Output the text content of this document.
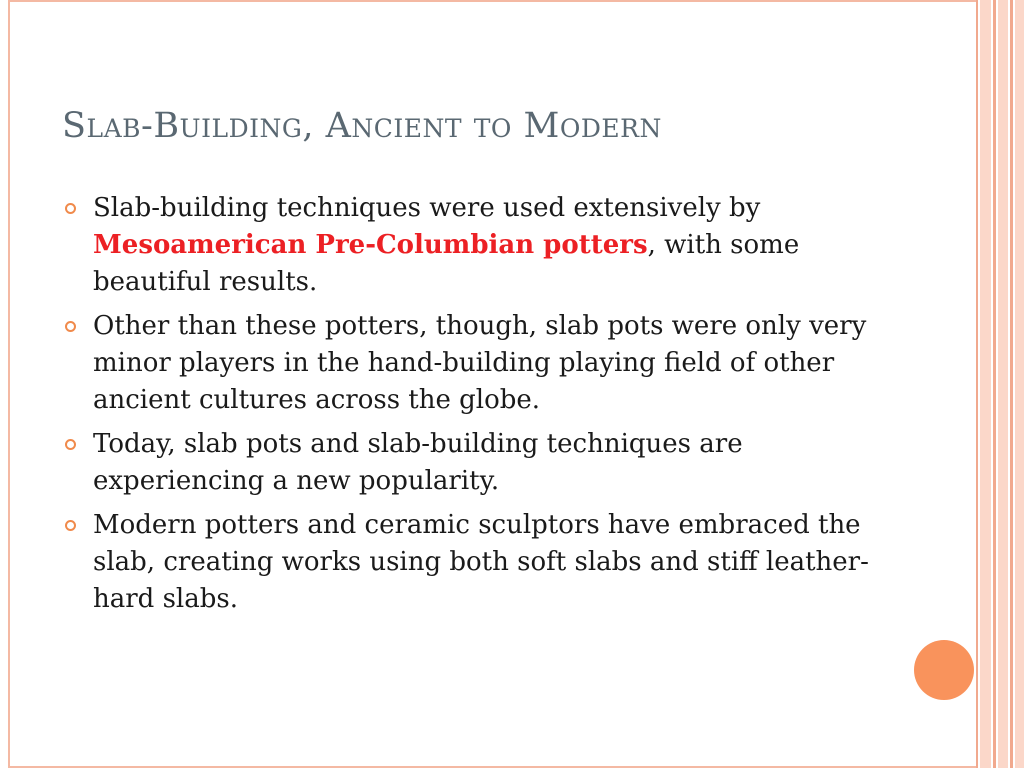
Slab-Building, Ancient to Modern
Slab-building techniques were used extensively by Mesoamerican Pre-Columbian potters, with some beautiful results.
Other than these potters, though, slab pots were only very minor players in the hand-building playing field of other ancient cultures across the globe.
Today, slab pots and slab-building techniques are experiencing a new popularity.
Modern potters and ceramic sculptors have embraced the slab, creating works using both soft slabs and stiff leather-hard slabs.
